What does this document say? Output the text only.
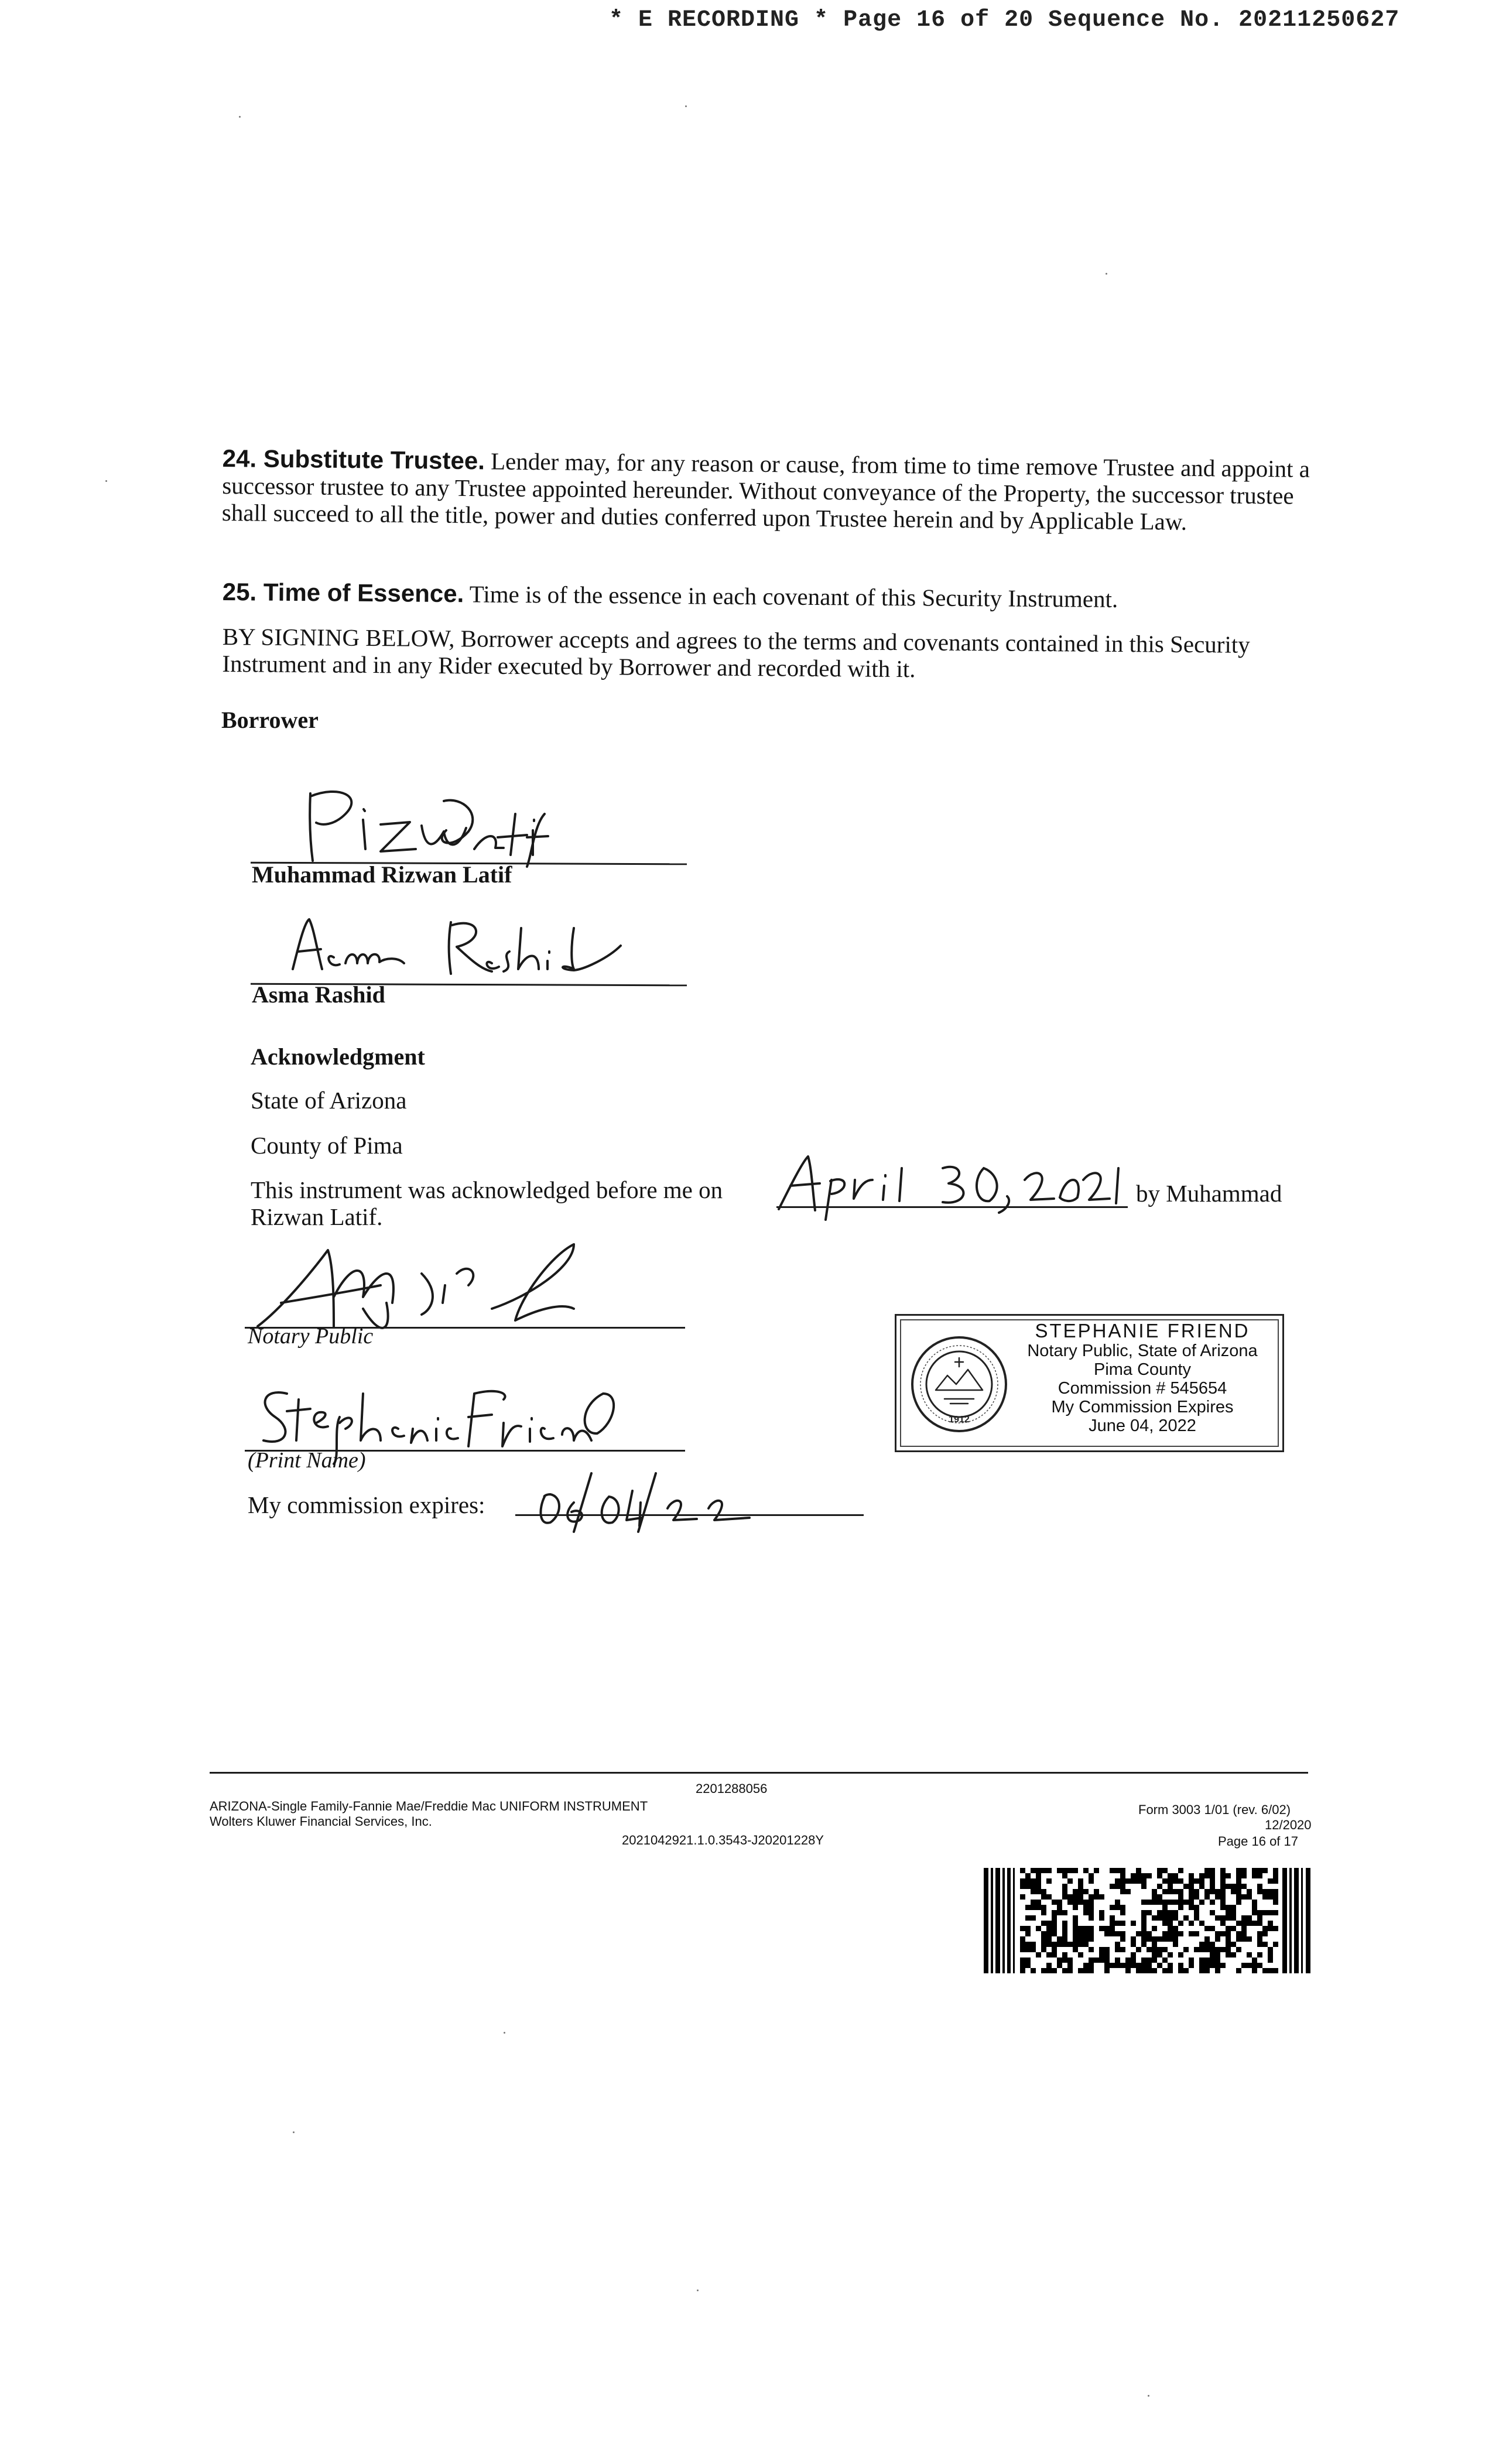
* E RECORDING * Page 16 of 20 Sequence No. 20211250627
24. Substitute Trustee. Lender may, for any reason or cause, from time to time remove Trustee and appoint a successor trustee to any Trustee appointed hereunder. Without conveyance of the Property, the successor trustee shall succeed to all the title, power and duties conferred upon Trustee herein and by Applicable Law.
25. Time of Essence. Time is of the essence in each covenant of this Security Instrument.
BY SIGNING BELOW, Borrower accepts and agrees to the terms and covenants contained in this Security Instrument and in any Rider executed by Borrower and recorded with it.
Borrower
Muhammad Rizwan Latif
Asma Rashid
Acknowledgment
State of Arizona
County of Pima
This instrument was acknowledged before me on	by Muhammad
Rizwan Latif.
Notary Public
(Print Name)
My commission expires:
1912
STEPHANIE FRIEND
Notary Public, State of Arizona
Pima County
Commission # 545654
My Commission Expires
June 04, 2022
2201288056
ARIZONA-Single Family-Fannie Mae/Freddie Mac UNIFORM INSTRUMENT
Wolters Kluwer Financial Services, Inc.
2021042921.1.0.3543-J20201228Y
Form 3003 1/01 (rev. 6/02)
12/2020
Page 16 of 17
